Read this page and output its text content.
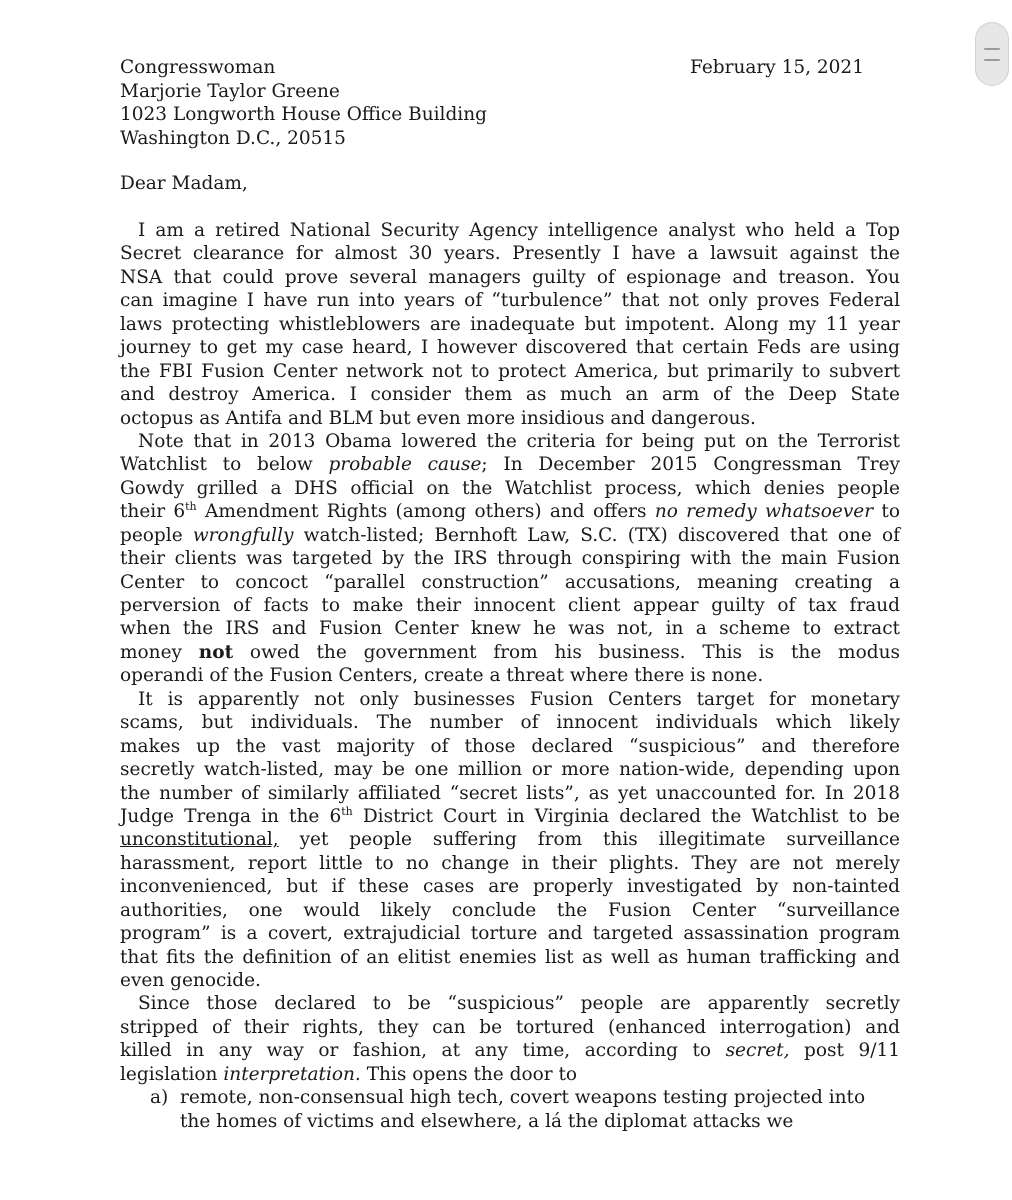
Congresswoman
Marjorie Taylor Greene
1023 Longworth House Office Building
Washington D.C., 20515
February 15, 2021
Dear Madam,
I am a retired National Security Agency intelligence analyst who held a Top
Secret clearance for almost 30 years. Presently I have a lawsuit against the
NSA that could prove several managers guilty of espionage and treason. You
can imagine I have run into years of “turbulence” that not only proves Federal
laws protecting whistleblowers are inadequate but impotent. Along my 11 year
journey to get my case heard, I however discovered that certain Feds are using
the FBI Fusion Center network not to protect America, but primarily to subvert
and destroy America. I consider them as much an arm of the Deep State
octopus as Antifa and BLM but even more insidious and dangerous.
Note that in 2013 Obama lowered the criteria for being put on the Terrorist
Watchlist to below probable cause; In December 2015 Congressman Trey
Gowdy grilled a DHS official on the Watchlist process, which denies people
their 6th Amendment Rights (among others) and offers no remedy whatsoever to
people wrongfully watch-listed; Bernhoft Law, S.C. (TX) discovered that one of
their clients was targeted by the IRS through conspiring with the main Fusion
Center to concoct “parallel construction” accusations, meaning creating a
perversion of facts to make their innocent client appear guilty of tax fraud
when the IRS and Fusion Center knew he was not, in a scheme to extract
money not owed the government from his business. This is the modus
operandi of the Fusion Centers, create a threat where there is none.
It is apparently not only businesses Fusion Centers target for monetary
scams, but individuals. The number of innocent individuals which likely
makes up the vast majority of those declared “suspicious” and therefore
secretly watch-listed, may be one million or more nation-wide, depending upon
the number of similarly affiliated “secret lists”, as yet unaccounted for. In 2018
Judge Trenga in the 6th District Court in Virginia declared the Watchlist to be
unconstitutional, yet people suffering from this illegitimate surveillance
harassment, report little to no change in their plights. They are not merely
inconvenienced, but if these cases are properly investigated by non-tainted
authorities, one would likely conclude the Fusion Center “surveillance
program” is a covert, extrajudicial torture and targeted assassination program
that fits the definition of an elitist enemies list as well as human trafficking and
even genocide.
Since those declared to be “suspicious” people are apparently secretly
stripped of their rights, they can be tortured (enhanced interrogation) and
killed in any way or fashion, at any time, according to secret, post 9/11
legislation interpretation. This opens the door to
a) remote, non-consensual high tech, covert weapons testing projected into
the homes of victims and elsewhere, a lá the diplomat attacks we
